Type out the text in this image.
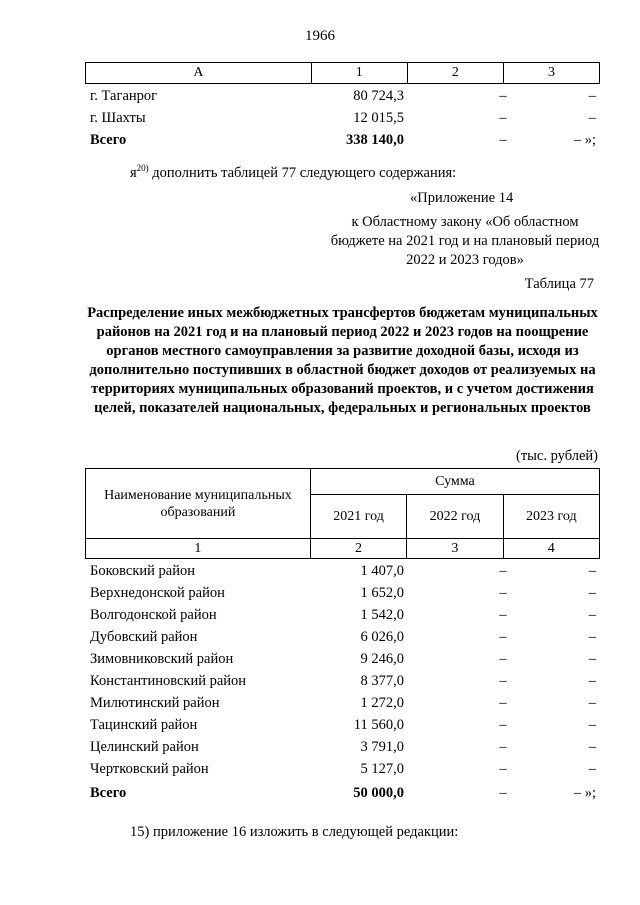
1966
А	1	2	3
г. Таганрог	80 724,3	–	–
г. Шахты	12 015,5	–	–
Всего	338 140,0	–	– »;
$я^{20)}$ дополнить таблицей 77 следующего содержания:
«Приложение 14
к Областному закону «Об областном бюджете на 2021 год и на плановый период 2022 и 2023 годов»
Таблица 77
Распределение иных межбюджетных трансфертов бюджетам муниципальных районов на 2021 год и на плановый период 2022 и 2023 годов на поощрение органов местного самоуправления за развитие доходной базы, исходя из дополнительно поступивших в областной бюджет доходов от реализуемых на территориях муниципальных образований проектов, и с учетом достижения целей, показателей национальных, федеральных и региональных проектов
(тыс. рублей)
Наименование муниципальных образований	Сумма		
	2021 год	2022 год	2023 год
1	2	3	4
Боковский район	1 407,0	–	–
Верхнедонской район	1 652,0	–	–
Волгодонской район	1 542,0	–	–
Дубовский район	6 026,0	–	–
Зимовниковский район	9 246,0	–	–
Константиновский район	8 377,0	–	–
Милютинский район	1 272,0	–	–
Тацинский район	11 560,0	–	–
Целинский район	3 791,0	–	–
Чертковский район	5 127,0	–	–
Всего	50 000,0	–	– »;
15) приложение 16 изложить в следующей редакции:
